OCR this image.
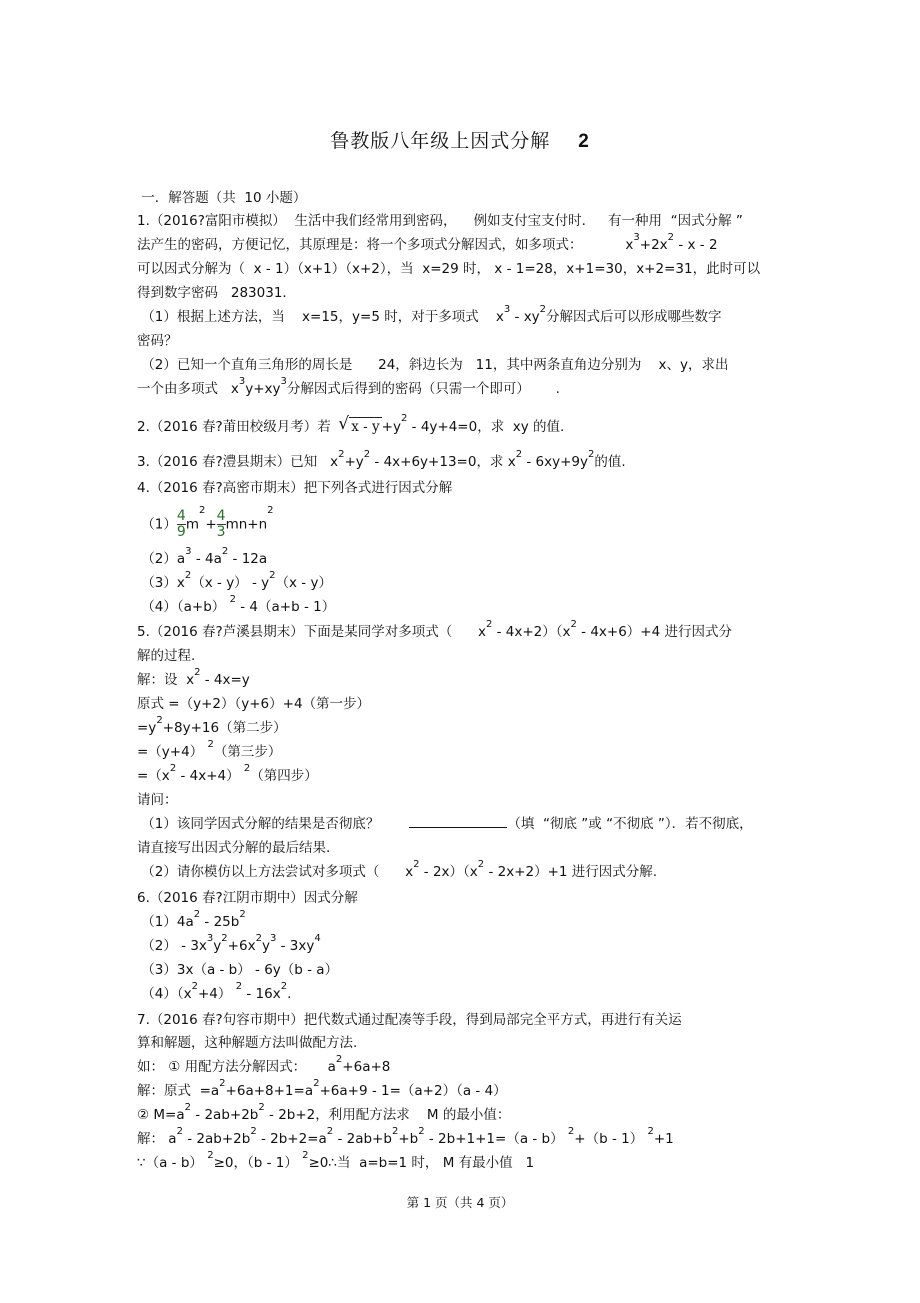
鲁教版八年级上因式分解 2
一．解答题（共  10 小题）
1.（2016?富阳市模拟）  生活中我们经常用到密码，    例如支付宝支付时．   有一种用  “因式分解 ”
法产生的密码，方便记忆，其原理是：将一个多项式分解因式，如多项式：          $x^3+2x^2 - x - 2$
可以因式分解为（  x - 1）（x+1）（x+2），当  x=29 时， x - 1=28，x+1=30，x+2=31，此时可以
得到数字密码   283031．
（1）根据上述方法，当    x=15，y=5 时，对于多项式    $x^3 - xy^2$分解因式后可以形成哪些数字
密码？
（2）已知一个直角三角形的周长是      24，斜边长为   11，其中两条直角边分别为    x、y，求出
一个由多项式   $x^3y+xy^3$分解因式后得到的密码（只需一个即可）      .
2.（2016 春?莆田校级月考）若  √ $x - y +y^2 - 4y+4=0$，求  xy 的值.
3.（2016 春?澧县期末）已知   $x^2+y^2 - 4x+6y+13=0$，求 $x^2 - 6xy+9y^2$的值.
4.（2016 春?高密市期末）把下列各式进行因式分解
$(1) \frac{4}{9} m^2+ \frac{4}{3} mn+n^2$
$(2)a^3 - 4a^2 - 12a$
$(3)x^2(x - y) - y^2(x - y)$
（4）（a+b） $^2$ - 4（a+b - 1）
5.（2016 春?芦溪县期末）下面是某同学对多项式（      $x^2 - 4x+2)(x^2 - 4x+6)+4$ 进行因式分
解的过程.
解：设  $x^2 - 4x=y$
原式 =（y+2）（y+6）+4（第一步）
$=y^2+8y+16$（第二步）
=（y+4） $^2$（第三步）
$=(x^2 - 4x+4)$ $^2$（第四步）
请问：
（1）该同学因式分解的结果是否彻底？	（填  “彻底 ”或 “不彻底 ”）．若不彻底，
请直接写出因式分解的最后结果.
（2）请你模仿以上方法尝试对多项式（      $x^2 - 2x)(x^2 - 2x+2)+1$ 进行因式分解.
6.（2016 春?江阴市期中）因式分解
$(1)4a^2 - 25b^2$
$(2) - 3x^3y^2+6x^2y^3 - 3xy^4$
（3）3x（a - b） - 6y（b - a）
$(4)(x^2+4)$ $^2 - 16x^2$.
7.（2016 春?句容市期中）把代数式通过配凑等手段，得到局部完全平方式，再进行有关运
算和解题，这种解题方法叫做配方法.
如： ① 用配方法分解因式：     $a^2+6a+8$
解：原式  $=a^2+6a+8+1=a^2+6a+9 - 1=(a+2)(a - 4)$
② $M=a^2 - 2ab+2b^2 - 2b+2$，利用配方法求    M 的最小值：
解： $a^2 - 2ab+2b^2 - 2b+2=a^2 - 2ab+b^2+b^2 - 2b+1+1=(a - b)$ $^2$+（b - 1） $^2$+1
∵（a - b） $^2$≥0，（b - 1） $^2$≥0∴当  a=b=1 时， M 有最小值   1
第 1 页（共 4 页）
